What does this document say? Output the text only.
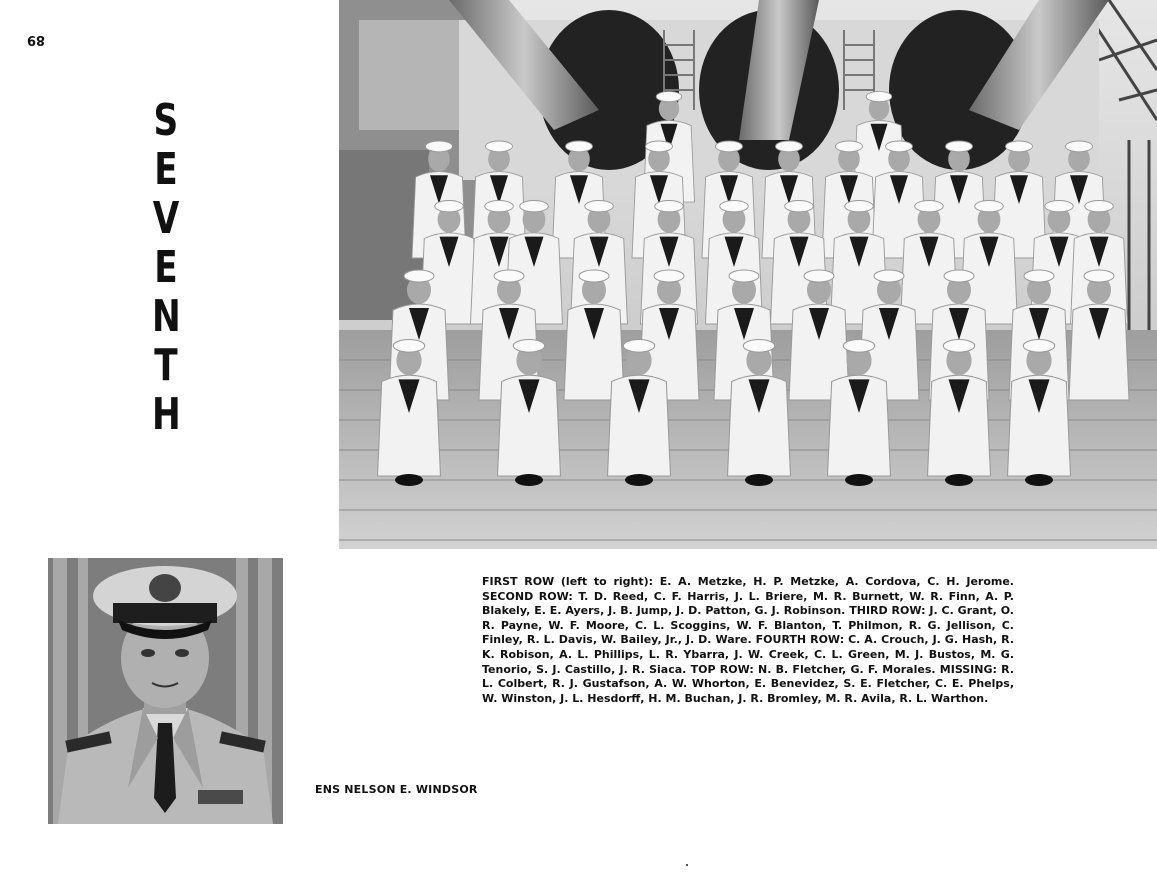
89
S
E
V
E
N
T
H
FIRST ROW (left to right): E. A. Metzke, H. P. Metzke, A. Cordova, C. H. Jerome. SECOND ROW: T. D. Reed, C. F. Harris, J. L. Briere, M. R. Burnett, W. R. Finn, A. P. Blakely, E. E. Ayers, J. B. Jump, J. D. Patton, G. J. Robinson. THIRD ROW: J. C. Grant, O. R. Payne, W. F. Moore, C. L. Scoggins, W. F. Blanton, T. Philmon, R. G. Jellison, C. Finley, R. L. Davis, W. Bailey, Jr., J. D. Ware. FOURTH ROW: C. A. Crouch, J. G. Hash, R. K. Robison, A. L. Phillips, L. R. Ybarra, J. W. Creek, C. L. Green, M. J. Bustos, M. G. Tenorio, S. J. Castillo, J. R. Siaca. TOP ROW: N. B. Fletcher, G. F. Morales. MISSING: R. L. Colbert, R. J. Gustafson, A. W. Whorton, E. Benevidez, S. E. Fletcher, C. E. Phelps, W. Winston, J. L. Hesdorff, H. M. Buchan, J. R. Bromley, M. R. Avila, R. L. Warthon.
ENS NELSON E. WINDSOR
